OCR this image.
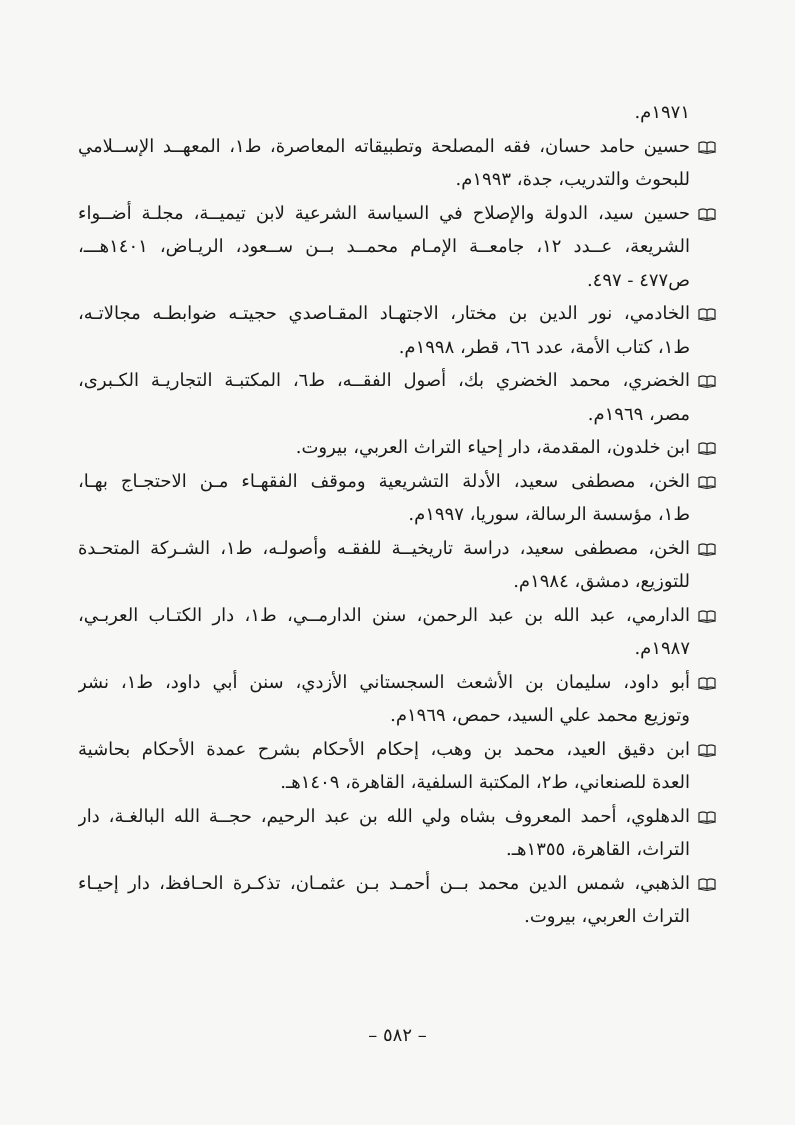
١٩٧١م.
حسين حامد حسان، فقه المصلحة وتطبيقاته المعاصرة، ط١، المعهــد الإســلامي
للبحوث والتدريب، جدة، ١٩٩٣م.
حسين سيد، الدولة والإصلاح في السياسة الشرعية لابن تيميــة، مجلـة أضــواء
الشريعة، عــدد ١٢، جامعــة الإمـام محمــد بــن ســعود، الريـاض، ١٤٠١هـــ،
ص٤٧٧ - ٤٩٧.
الخادمي، نور الدين بن مختار، الاجتهـاد المقـاصدي حجيتـه ضوابطـه مجالاتـه،
ط١، كتاب الأمة، عدد ٦٦، قطر، ١٩٩٨م.
الخضري، محمد الخضري بك، أصول الفقــه، ط٦، المكتبـة التجاريـة الكـبرى،
مصر، ١٩٦٩م.
ابن خلدون، المقدمة، دار إحياء التراث العربي، بيروت.
الخن، مصطفى سعيد، الأدلة التشريعية وموقف الفقهـاء مـن الاحتجـاج بهـا،
ط١، مؤسسة الرسالة، سوريا، ١٩٩٧م.
الخن، مصطفى سعيد، دراسة تاريخيــة للفقـه وأصولـه، ط١، الشـركة المتحـدة
للتوزيع، دمشق، ١٩٨٤م.
الدارمي، عبد الله بن عبد الرحمن، سنن الدارمــي، ط١، دار الكتـاب العربـي،
١٩٨٧م.
أبو داود، سليمان بن الأشعث السجستاني الأزدي، سنن أبي داود، ط١، نشر
وتوزيع محمد علي السيد، حمص، ١٩٦٩م.
ابن دقيق العيد، محمد بن وهب، إحكام الأحكام بشرح عمدة الأحكام بحاشية
العدة للصنعاني، ط٢، المكتبة السلفية، القاهرة، ١٤٠٩هـ.
الدهلوي، أحمد المعروف بشاه ولي الله بن عبد الرحيم، حجــة الله البالغـة، دار
التراث، القاهرة، ١٣٥٥هـ.
الذهبي، شمس الدين محمد بــن أحمـد بـن عثمـان، تذكـرة الحـافظ، دار إحيـاء
التراث العربي، بيروت.
– ٥٨٢ –
